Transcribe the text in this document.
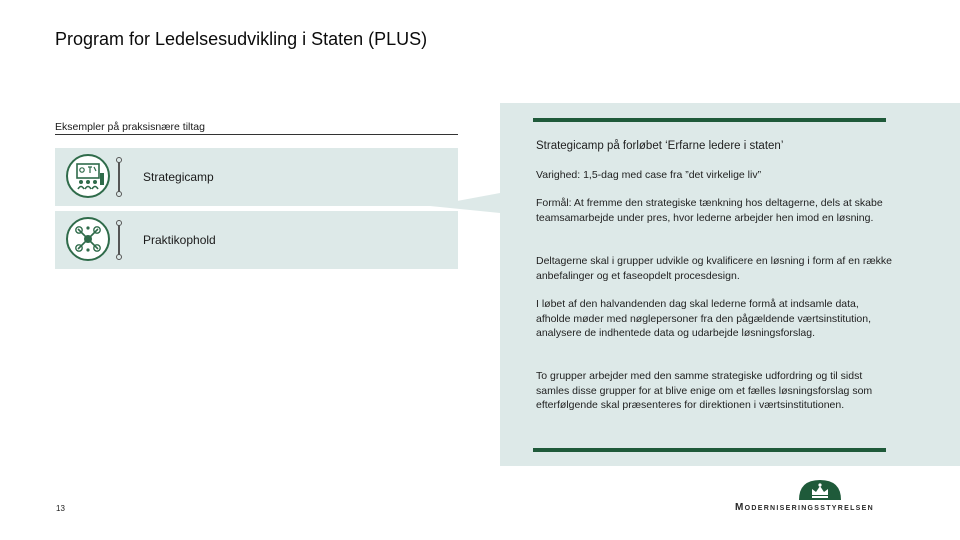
Program for Ledelsesudvikling i Staten (PLUS)
Eksempler på praksisnære tiltag
Strategicamp
Praktikophold
Strategicamp på forløbet ‘Erfarne ledere i staten’
Varighed: 1,5-dag med case fra ”det virkelige liv”
Formål: At fremme den strategiske tænkning hos deltagerne, dels at skabe teamsamarbejde under pres, hvor lederne arbejder hen imod en løsning.
Deltagerne skal i grupper udvikle og kvalificere en løsning i form af en række anbefalinger og et faseopdelt procesdesign.
I løbet af den halvandenden dag skal lederne formå at indsamle data, afholde møder med nøglepersoner fra den pågældende værtsinstitution, analysere de indhentede data og udarbejde løsningsforslag.
To grupper arbejder med den samme strategiske udfordring og til sidst samles disse grupper for at blive enige om et fælles løsningsforslag som efterfølgende skal præsenteres for direktionen i værtsinstitutionen.
13	Moderniseringsstyrelsen
